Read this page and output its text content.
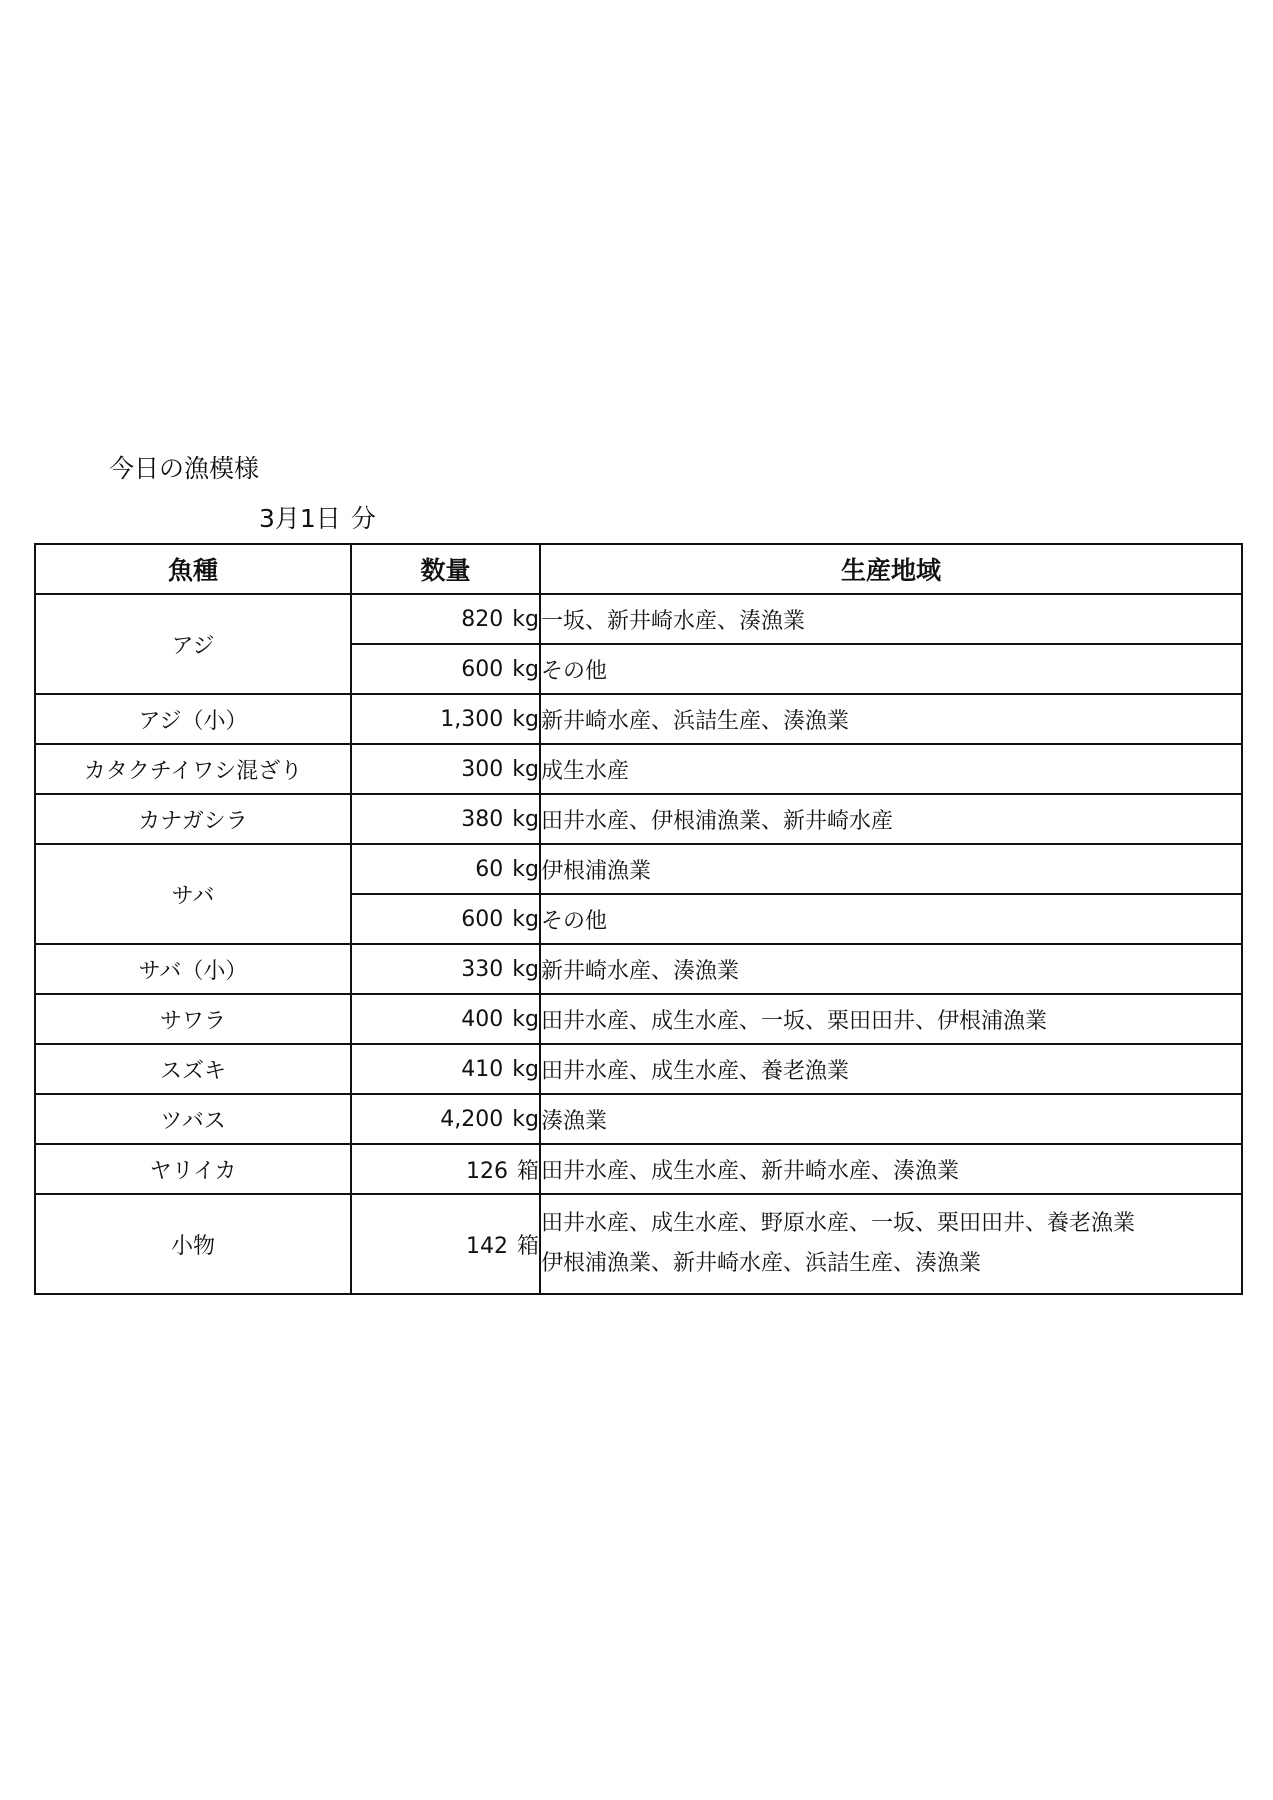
今日の漁模様
3月1日 分
魚種	数量	生産地域
アジ	820 kg	一坂、新井崎水産、湊漁業
	600 kg	その他
アジ（小）	1,300 kg	新井崎水産、浜詰生産、湊漁業
カタクチイワシ混ざり	300 kg	成生水産
カナガシラ	380 kg	田井水産、伊根浦漁業、新井崎水産
サバ	60 kg	伊根浦漁業
	600 kg	その他
サバ（小）	330 kg	新井崎水産、湊漁業
サワラ	400 kg	田井水産、成生水産、一坂、栗田田井、伊根浦漁業
スズキ	410 kg	田井水産、成生水産、養老漁業
ツバス	4,200 kg	湊漁業
ヤリイカ	126 箱	田井水産、成生水産、新井崎水産、湊漁業
小物	142 箱	田井水産、成生水産、野原水産、一坂、栗田田井、養老漁業
伊根浦漁業、新井崎水産、浜詰生産、湊漁業
